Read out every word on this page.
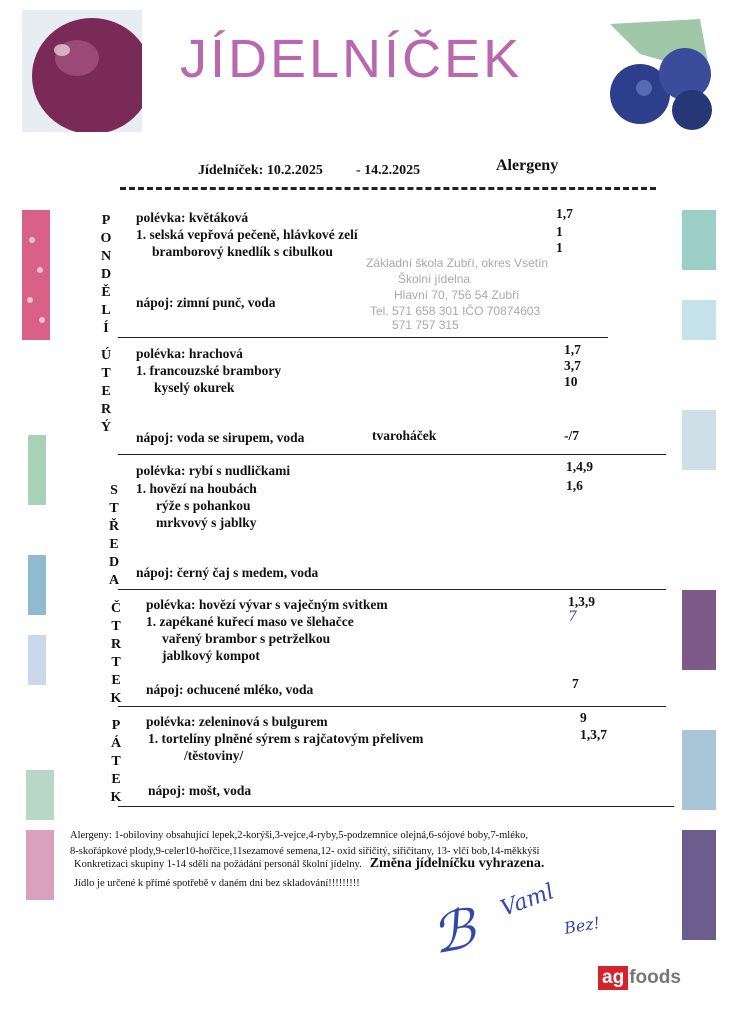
JÍDELNÍČEK
Jídelníček: 10.2.2025 - 14.2.2025	Alergeny
Základní škola Zubří, okres Vsetín
Školní jídelna
Hlavní 70, 756 54 Zubří
Tel. 571 658 301 IČO 70874603
571 757 315
P
O
N
D
Ě
L
Í
polévka: květáková
1. selská vepřová pečeně, hlávkové zelí
bramborový knedlík s cibulkou
nápoj: zimní punč, voda
1,7
1
1
Ú
T
E
R
Ý
polévka: hrachová
1. francouzské brambory
kyselý okurek
nápoj: voda se sirupem, voda	tvaroháček
1,7
3,7
10
-/7
S
T
Ř
E
D
A
polévka: rybí s nudličkami
1. hovězí na houbách
rýže s pohankou
mrkvový s jablky
nápoj: černý čaj s medem, voda
1,4,9
1,6
Č
T
R
T
E
K
polévka: hovězí vývar s vaječným svitkem
1. zapékané kuřecí maso ve šlehačce
vařený brambor s petrželkou
jablkový kompot
nápoj: ochucené mléko, voda
1,3,9
7
7
P
Á
T
E
K
polévka: zeleninová s bulgurem
1. tortelíny plněné sýrem s rajčatovým přelivem
/těstoviny/
nápoj: mošt, voda
9
1,3,7
Alergeny: 1-obiloviny obsahující lepek,2-korýši,3-vejce,4-ryby,5-podzemnice olejná,6-sójové boby,7-mléko,
8-skořápkové plody,9-celer10-hořčice,11sezamové semena,12- oxid siřičitý, siřičitany, 13- vlčí bob,14-měkkýši
Konkretizaci skupiny 1-14 sdělí na požádání personál školní jídelny. Změna jídelníčku vyhrazena.
Jídlo je určené k přímé spotřebě v daném dni bez skladování!!!!!!!!!
ℬ Vaml
Bez!
ag foods
